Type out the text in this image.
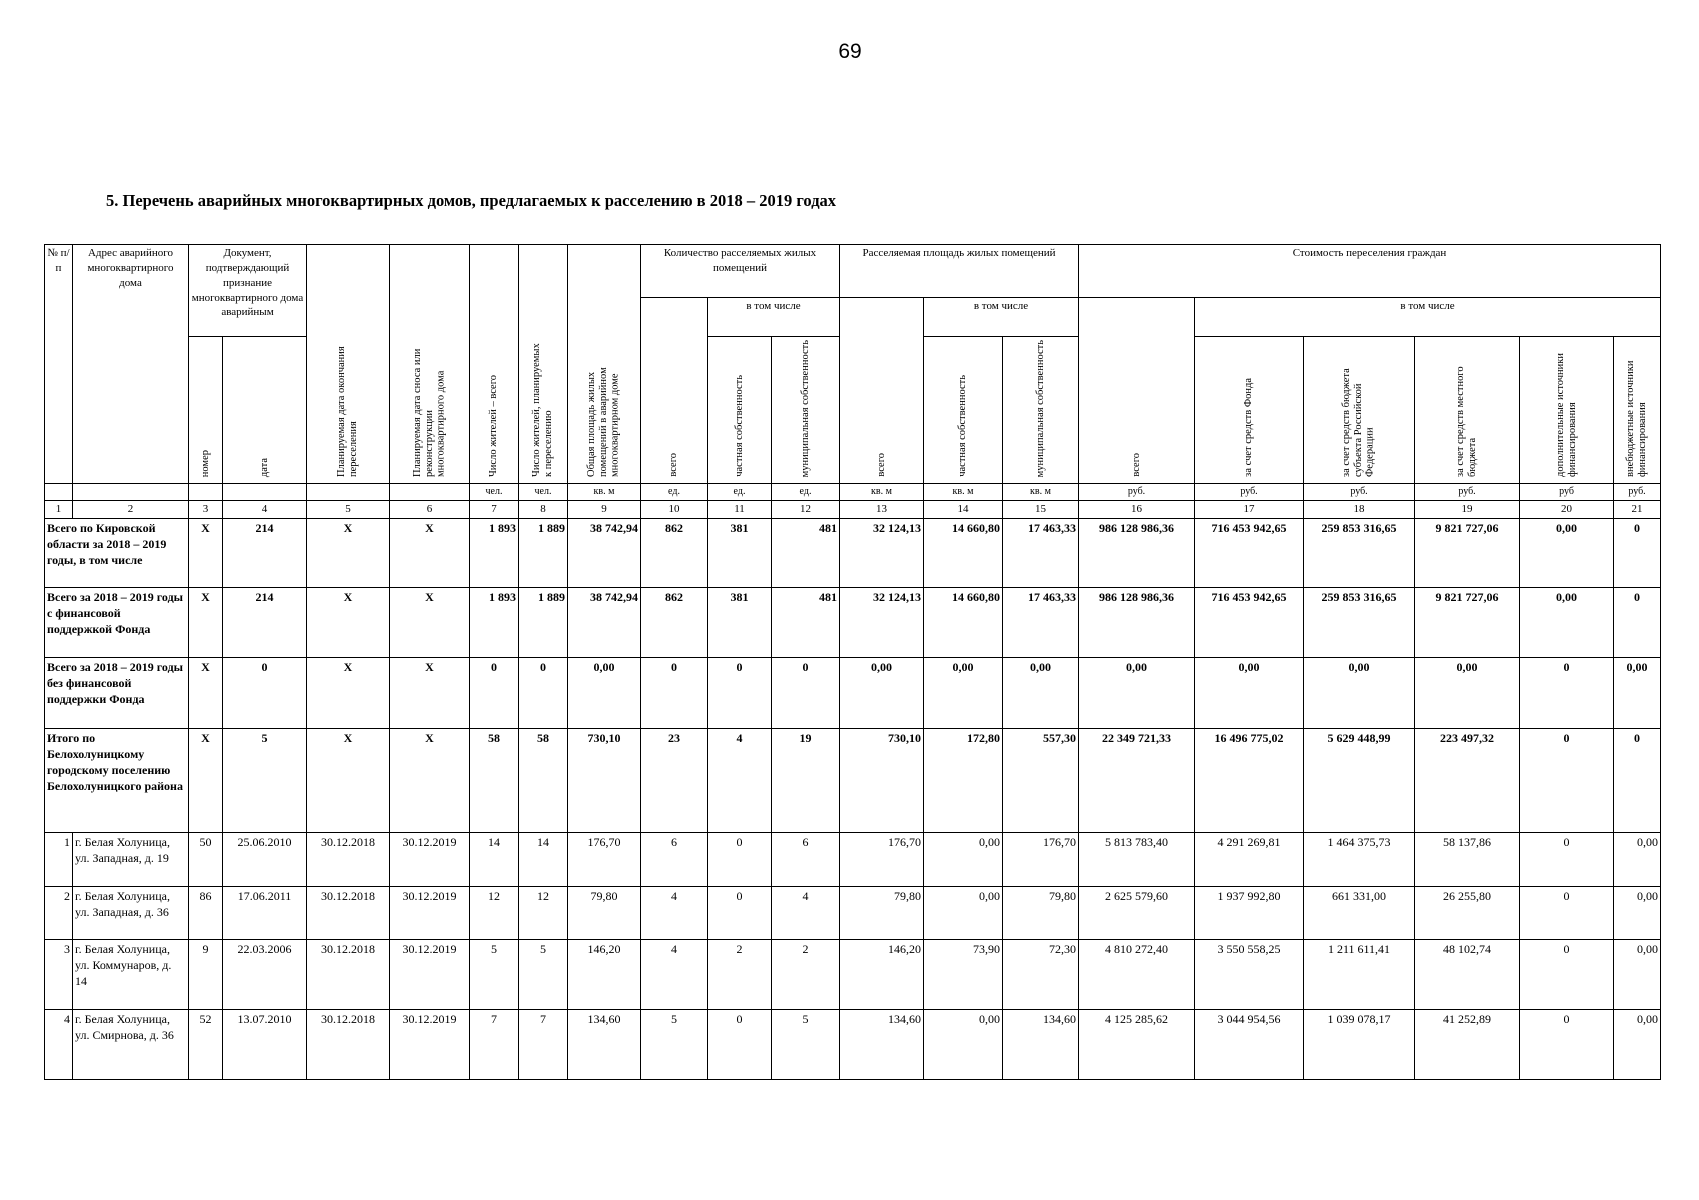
69
5. Перечень аварийных многоквартирных домов, предлагаемых к расселению в 2018 – 2019 годах
№ п/п	Адрес аварийного многоквартирного дома	Документ, подтверждающий признание многоквартирного дома аварийным		Планируемая дата окончания переселения	Планируемая дата сноса или реконструкции многоквартирного дома	Число жителей – всего	Число жителей, планируемых к переселению	Общая площадь жилых помещений в аварийном многоквартирном доме	Количество расселяемых жилых помещений			Расселяемая площадь жилых помещений			Стоимость переселения граждан					
									всего	в том числе		всего	в том числе		всего	в том числе				
		номер	дата							частная собственность	муниципальная собственность		частная собственность	муниципальная собственность		за счет средств Фонда	за счет средств бюджета субъекта Российской Федерации	за счет средств местного бюджета	дополнительные источники финансирования	внебюджетные источники финансирования
						чел.	чел.	кв. м	ед.	ед.	ед.	кв. м	кв. м	кв. м	руб.	руб.	руб.	руб.	руб	руб.
1	2	3	4	5	6	7	8	9	10	11	12	13	14	15	16	17	18	19	20	21
Всего по Кировской области за 2018 – 2019 годы, в том числе		X	214	X	X	1 893	1 889	38 742,94	862	381	481	32 124,13	14 660,80	17 463,33	986 128 986,36	716 453 942,65	259 853 316,65	9 821 727,06	0,00	0
Всего за 2018 – 2019 годы с финансовой поддержкой Фонда		X	214	X	X	1 893	1 889	38 742,94	862	381	481	32 124,13	14 660,80	17 463,33	986 128 986,36	716 453 942,65	259 853 316,65	9 821 727,06	0,00	0
Всего за 2018 – 2019 годы без финансовой поддержки Фонда		X	0	X	X	0	0	0,00	0	0	0	0,00	0,00	0,00	0,00	0,00	0,00	0,00	0	0,00
Итого по Белохолуницкому городскому поселению Белохолуницкого района		X	5	X	X	58	58	730,10	23	4	19	730,10	172,80	557,30	22 349 721,33	16 496 775,02	5 629 448,99	223 497,32	0	0
1	г. Белая Холуница, ул. Западная, д. 19	50	25.06.2010	30.12.2018	30.12.2019	14	14	176,70	6	0	6	176,70	0,00	176,70	5 813 783,40	4 291 269,81	1 464 375,73	58 137,86	0	0,00
2	г. Белая Холуница, ул. Западная, д. 36	86	17.06.2011	30.12.2018	30.12.2019	12	12	79,80	4	0	4	79,80	0,00	79,80	2 625 579,60	1 937 992,80	661 331,00	26 255,80	0	0,00
3	г. Белая Холуница, ул. Коммунаров, д. 14	9	22.03.2006	30.12.2018	30.12.2019	5	5	146,20	4	2	2	146,20	73,90	72,30	4 810 272,40	3 550 558,25	1 211 611,41	48 102,74	0	0,00
4	г. Белая Холуница, ул. Смирнова, д. 36	52	13.07.2010	30.12.2018	30.12.2019	7	7	134,60	5	0	5	134,60	0,00	134,60	4 125 285,62	3 044 954,56	1 039 078,17	41 252,89	0	0,00
